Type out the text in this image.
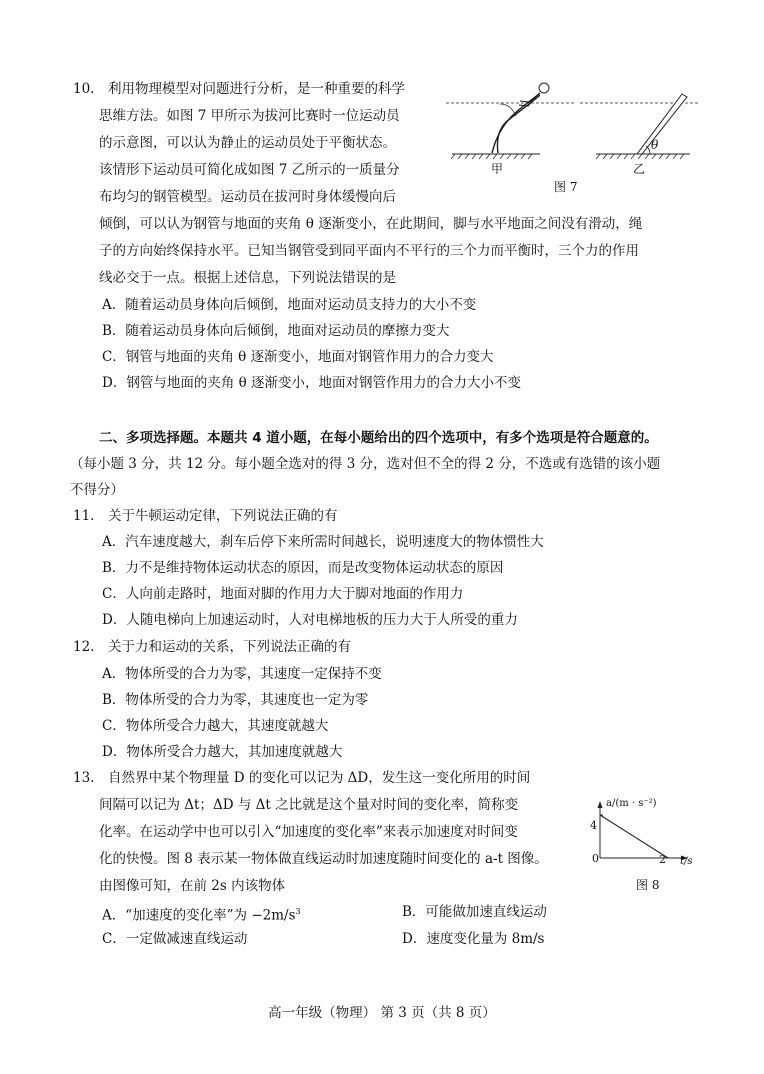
10.　利用物理模型对问题进行分析，是一种重要的科学
思维方法。如图 7 甲所示为拔河比赛时一位运动员
的示意图，可以认为静止的运动员处于平衡状态。
该情形下运动员可简化成如图 7 乙所示的一质量分
布均匀的钢管模型。运动员在拔河时身体缓慢向后
倾倒，可以认为钢管与地面的夹角 θ 逐渐变小，在此期间，脚与水平地面之间没有滑动，绳
子的方向始终保持水平。已知当钢管受到同平面内不平行的三个力而平衡时，三个力的作用
线必交于一点。根据上述信息，下列说法错误的是
A．随着运动员身体向后倾倒，地面对运动员支持力的大小不变
B．随着运动员身体向后倾倒，地面对运动员的摩擦力变大
C．钢管与地面的夹角 θ 逐渐变小，地面对钢管作用力的合力变大
D．钢管与地面的夹角 θ 逐渐变小，地面对钢管作用力的合力大小不变
θ
甲	乙
图 7
二、多项选择题。本题共 4 道小题，在每小题给出的四个选项中，有多个选项是符合题意的。
（每小题 3 分，共 12 分。每小题全选对的得 3 分，选对但不全的得 2 分，不选或有选错的该小题
不得分）
11.　关于牛顿运动定律，下列说法正确的有
A．汽车速度越大，刹车后停下来所需时间越长，说明速度大的物体惯性大
B．力不是维持物体运动状态的原因，而是改变物体运动状态的原因
C．人向前走路时，地面对脚的作用力大于脚对地面的作用力
D．人随电梯向上加速运动时，人对电梯地板的压力大于人所受的重力
12.　关于力和运动的关系，下列说法正确的有
A．物体所受的合力为零，其速度一定保持不变
B．物体所受的合力为零，其速度也一定为零
C．物体所受合力越大，其速度就越大
D．物体所受合力越大，其加速度就越大
13.　自然界中某个物理量 D 的变化可以记为 ΔD，发生这一变化所用的时间
间隔可以记为 Δt；ΔD 与 Δt 之比就是这个量对时间的变化率，简称变
化率。在运动学中也可以引入“加速度的变化率”来表示加速度对时间变
化的快慢。图 8 表示某一物体做直线运动时加速度随时间变化的 a-t 图像。
由图像可知，在前 2s 内该物体
A．“加速度的变化率”为 $-2m/s^3$	B．可能做加速直线运动
C．一定做减速直线运动	D．速度变化量为 8m/s
a/(m · s⁻²)
4
0	2 t/s
图 8
高一年级（物理） 第 3 页（共 8 页）
